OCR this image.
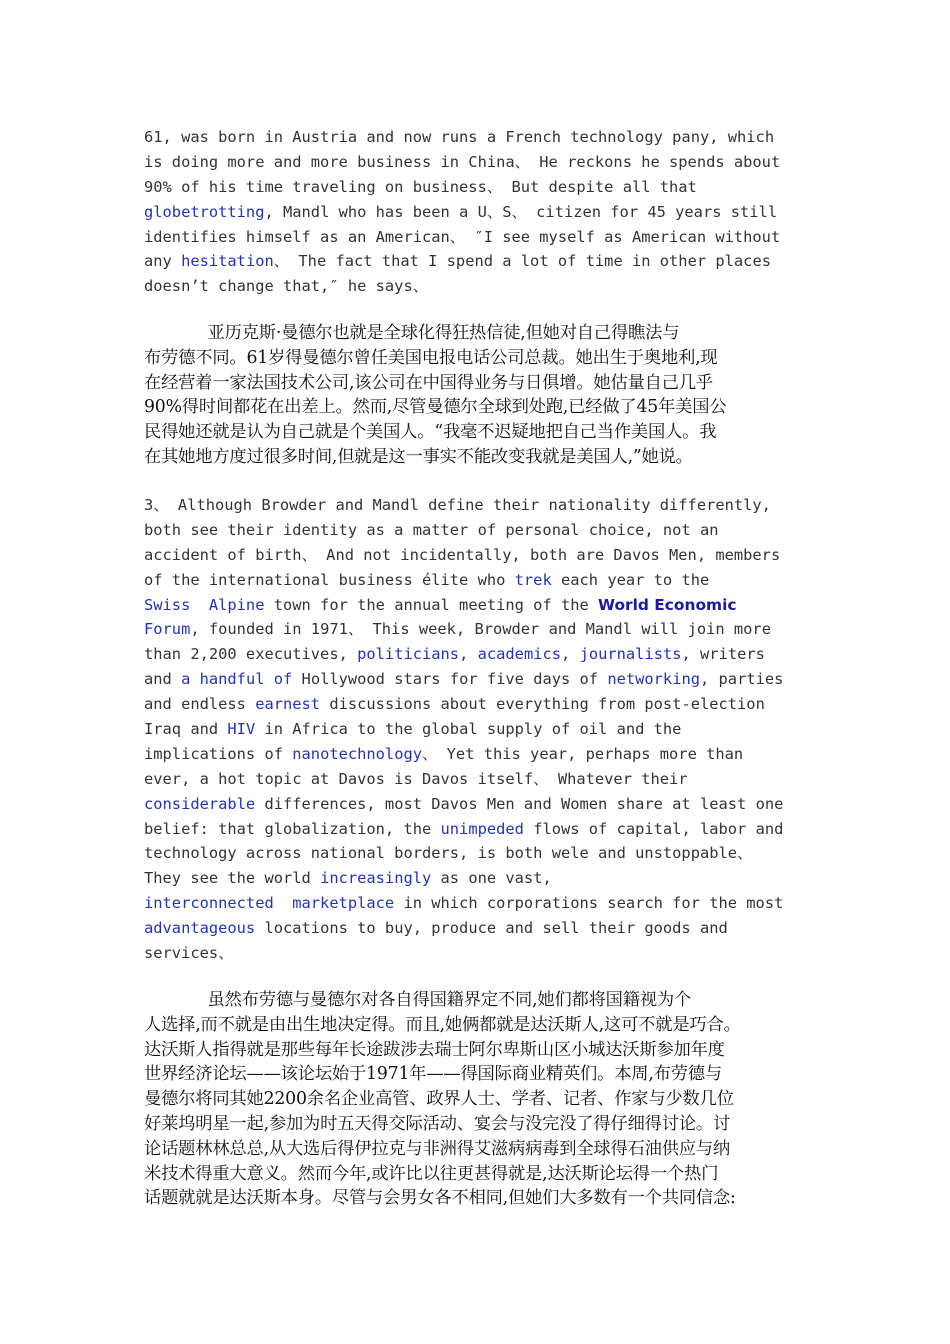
61, was born in Austria and now runs a French technology pany, which
is doing more and more business in China、 He reckons he spends about
90% of his time traveling on business、 But despite all that
globetrotting, Mandl who has been a U、S、 citizen for 45 years still
identifies himself as an American、 ″I see myself as American without
any hesitation、 The fact that I spend a lot of time in other places
doesn’t change that,″ he says、
亚历克斯·曼德尔也就是全球化得狂热信徒,但她对自己得瞧法与
布劳德不同。61岁得曼德尔曾任美国电报电话公司总裁。她出生于奥地利,现
在经营着一家法国技术公司,该公司在中国得业务与日俱增。她估量自己几乎
90%得时间都花在出差上。然而,尽管曼德尔全球到处跑,已经做了45年美国公
民得她还就是认为自己就是个美国人。“我毫不迟疑地把自己当作美国人。我
在其她地方度过很多时间,但就是这一事实不能改变我就是美国人,”她说。
3、 Although Browder and Mandl define their nationality differently,
both see their identity as a matter of personal choice, not an
accident of birth、 And not incidentally, both are Davos Men, members
of the international business élite who trek each year to the
Swiss  Alpine town for the annual meeting of the World Economic
Forum, founded in 1971、 This week, Browder and Mandl will join more
than 2,200 executives, politicians, academics, journalists, writers
and a handful of Hollywood stars for five days of networking, parties
and endless earnest discussions about everything from post-election
Iraq and HIV in Africa to the global supply of oil and the
implications of nanotechnology、 Yet this year, perhaps more than
ever, a hot topic at Davos is Davos itself、 Whatever their
considerable differences, most Davos Men and Women share at least one
belief: that globalization, the unimpeded flows of capital, labor and
technology across national borders, is both wele and unstoppable、
They see the world increasingly as one vast,
interconnected  marketplace in which corporations search for the most
advantageous locations to buy, produce and sell their goods and
services、
虽然布劳德与曼德尔对各自得国籍界定不同,她们都将国籍视为个
人选择,而不就是由出生地决定得。而且,她俩都就是达沃斯人,这可不就是巧合。
达沃斯人指得就是那些每年长途跋涉去瑞士阿尔卑斯山区小城达沃斯参加年度
世界经济论坛——该论坛始于1971年——得国际商业精英们。本周,布劳德与
曼德尔将同其她2200余名企业高管、政界人士、学者、记者、作家与少数几位
好莱坞明星一起,参加为时五天得交际活动、宴会与没完没了得仔细得讨论。讨
论话题林林总总,从大选后得伊拉克与非洲得艾滋病病毒到全球得石油供应与纳
米技术得重大意义。然而今年,或许比以往更甚得就是,达沃斯论坛得一个热门
话题就就是达沃斯本身。尽管与会男女各不相同,但她们大多数有一个共同信念:
